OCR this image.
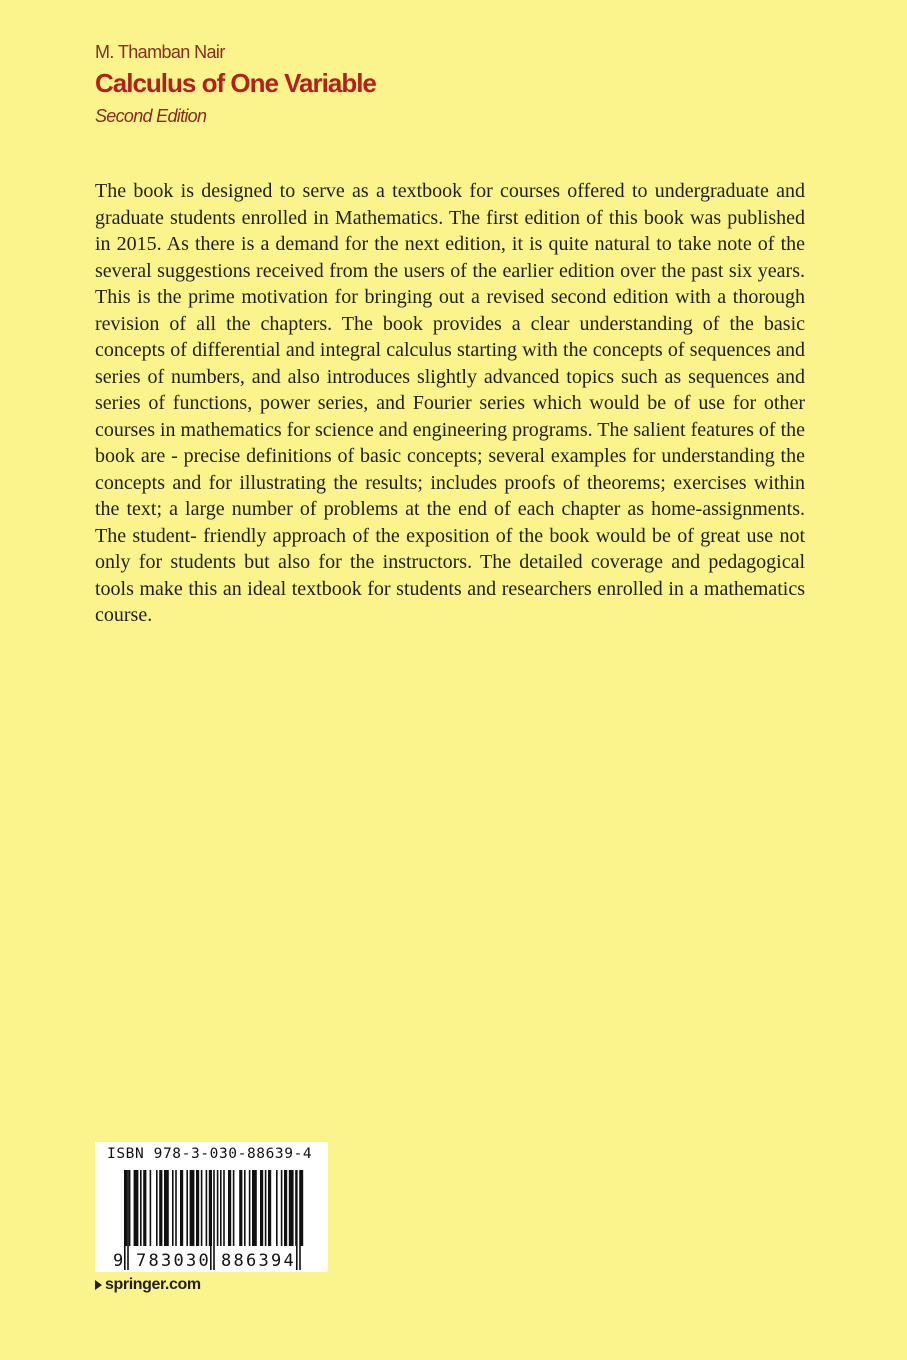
M. Thamban Nair
Calculus of One Variable
Second Edition

The book is designed to serve as a textbook for courses offered to undergraduate and graduate students enrolled in Mathematics. The first edition of this book was published in 2015. As there is a demand for the next edition, it is quite natural to take note of the several suggestions received from the users of the earlier edition over the past six years. This is the prime motivation for bringing out a revised second edition with a thorough revision of all the chapters. The book provides a clear understanding of the basic concepts of differential and integral calculus starting with the concepts of sequences and series of numbers, and also introduces slightly advanced topics such as sequences and series of functions, power series, and Fourier series which would be of use for other courses in mathematics for science and engineering programs. The salient features of the book are - precise definitions of basic concepts; several examples for understanding the concepts and for illustrating the results; includes proofs of theorems; exercises within the text; a large number of problems at the end of each chapter as home-assignments. The student- friendly approach of the exposition of the book would be of great use not only for students but also for the instructors. The detailed coverage and pedagogical tools make this an ideal textbook for students and researchers enrolled in a mathematics course.

ISBN 978-3-030-88639-4
9 7 8 3 0 3 0 8 8 6 3 9 4
springer.com
